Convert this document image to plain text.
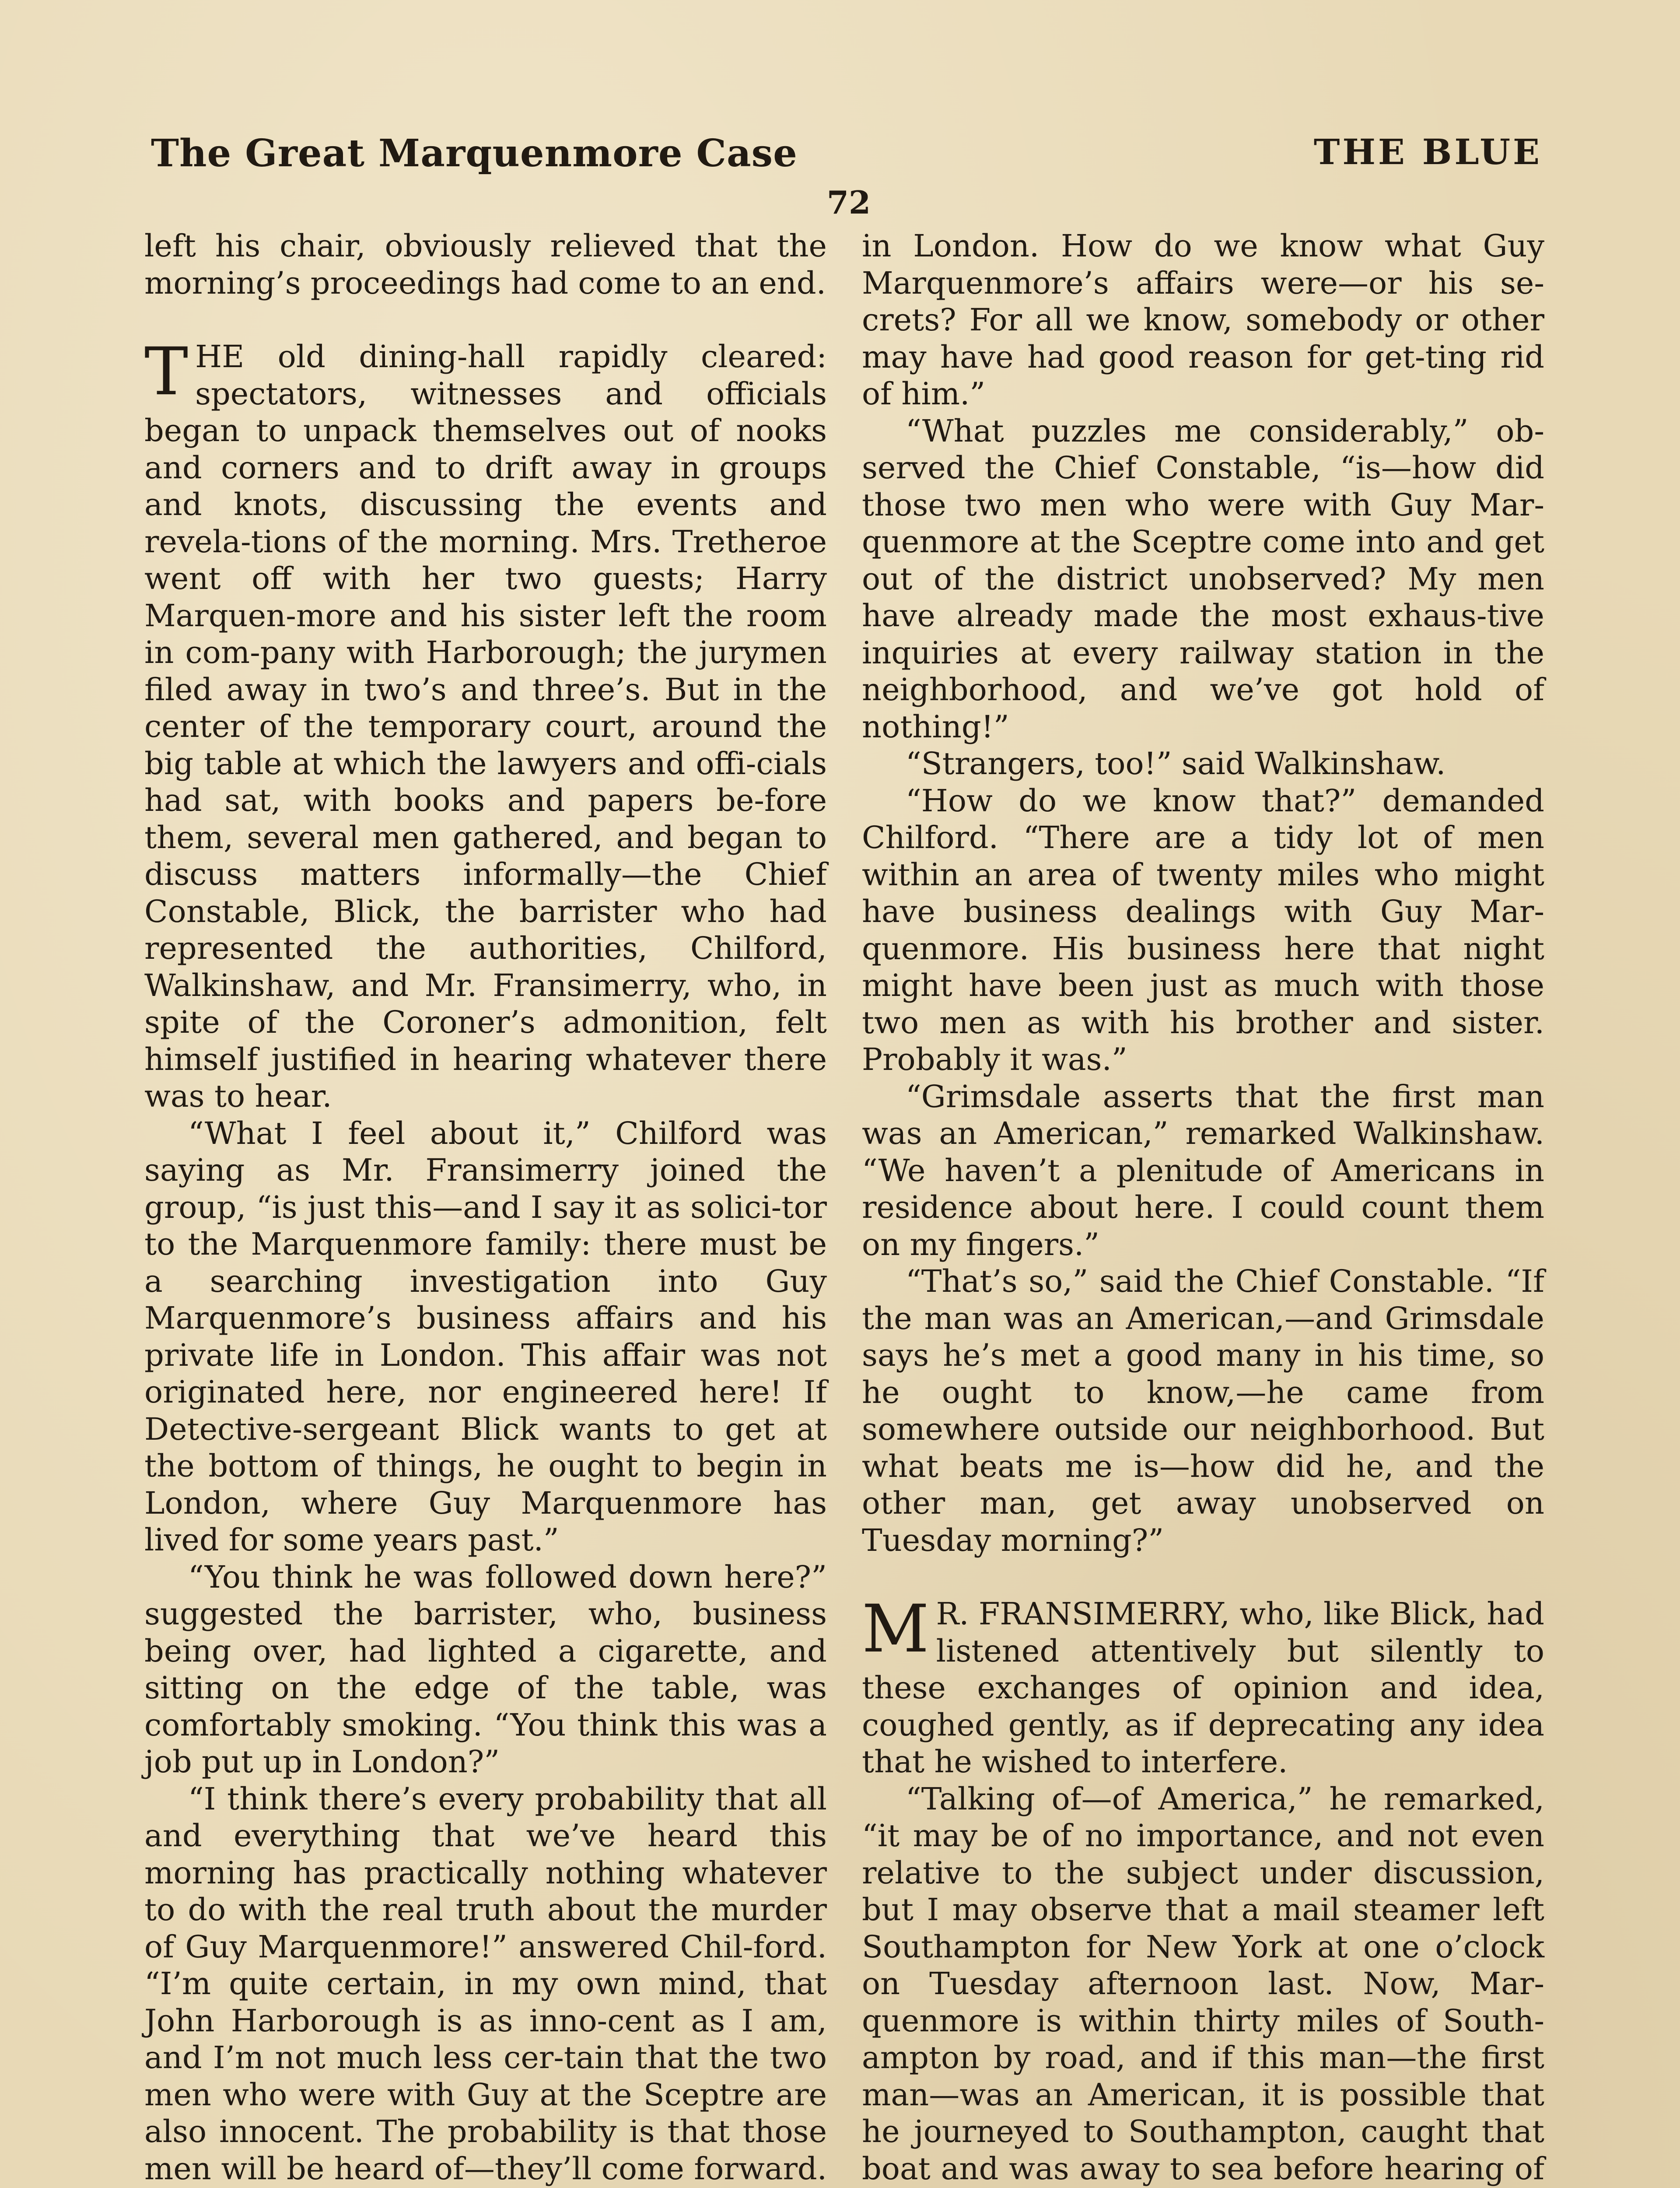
The Great Marquenmore Case	THE BLUE
72

left his chair, obviously relieved that the morning’s proceedings had come to an end.

THE old dining-hall rapidly cleared: spectators, witnesses and officials began to unpack themselves out of nooks and corners and to drift away in groups and knots, discussing the events and revela-tions of the morning. Mrs. Tretheroe went off with her two guests; Harry Marquen-more and his sister left the room in com-pany with Harborough; the jurymen filed away in two’s and three’s. But in the center of the temporary court, around the big table at which the lawyers and offi-cials had sat, with books and papers be-fore them, several men gathered, and began to discuss matters informally—the Chief Constable, Blick, the barrister who had represented the authorities, Chilford, Walkinshaw, and Mr. Fransimerry, who, in spite of the Coroner’s admonition, felt himself justified in hearing whatever there was to hear.

“What I feel about it,” Chilford was saying as Mr. Fransimerry joined the group, “is just this—and I say it as solici-tor to the Marquenmore family: there must be a searching investigation into Guy Marquenmore’s business affairs and his private life in London. This affair was not originated here, nor engineered here! If Detective-sergeant Blick wants to get at the bottom of things, he ought to begin in London, where Guy Marquenmore has lived for some years past.”

“You think he was followed down here?” suggested the barrister, who, business being over, had lighted a cigarette, and sitting on the edge of the table, was comfortably smoking. “You think this was a job put up in London?”

“I think there’s every probability that all and everything that we’ve heard this morning has practically nothing whatever to do with the real truth about the murder of Guy Marquenmore!” answered Chil-ford. “I’m quite certain, in my own mind, that John Harborough is as inno-cent as I am, and I’m not much less cer-tain that the two men who were with Guy at the Sceptre are also innocent. The probability is that those men will be heard of—they’ll come forward.

in London. How do we know what Guy Marquenmore’s affairs were—or his se-crets? For all we know, somebody or other may have had good reason for get-ting rid of him.”

“What puzzles me considerably,” ob-served the Chief Constable, “is—how did those two men who were with Guy Mar-quenmore at the Sceptre come into and get out of the district unobserved? My men have already made the most exhaus-tive inquiries at every railway station in the neighborhood, and we’ve got hold of nothing!”

“Strangers, too!” said Walkinshaw.

“How do we know that?” demanded Chilford. “There are a tidy lot of men within an area of twenty miles who might have business dealings with Guy Mar-quenmore. His business here that night might have been just as much with those two men as with his brother and sister. Probably it was.”

“Grimsdale asserts that the first man was an American,” remarked Walkinshaw. “We haven’t a plenitude of Americans in residence about here. I could count them on my fingers.”

“That’s so,” said the Chief Constable. “If the man was an American,—and Grimsdale says he’s met a good many in his time, so he ought to know,—he came from somewhere outside our neighborhood. But what beats me is—how did he, and the other man, get away unobserved on Tuesday morning?”

M R. FRANSIMERRY, who, like Blick, had listened attentively but silently to these exchanges of opinion and idea, coughed gently, as if deprecating any idea that he wished to interfere.

“Talking of—of America,” he remarked, “it may be of no importance, and not even relative to the subject under discussion, but I may observe that a mail steamer left Southampton for New York at one o’clock on Tuesday afternoon last. Now, Mar-quenmore is within thirty miles of South-ampton by road, and if this man—the first man—was an American, it is possible that he journeyed to Southampton, caught that boat and was away to sea before hearing of
